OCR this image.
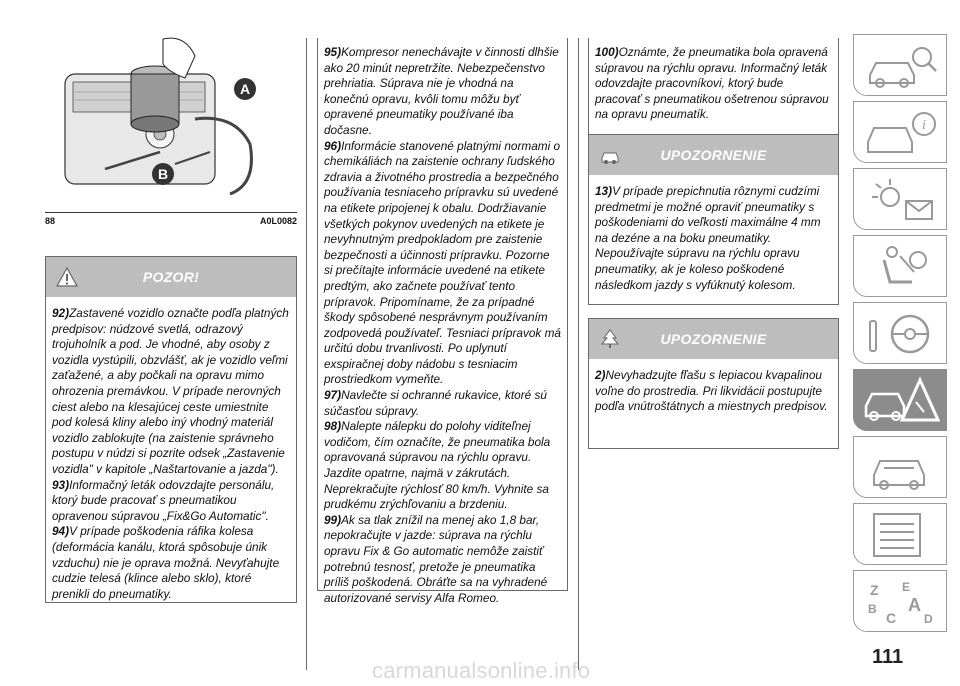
A
B
88	A0L0082
POZOR!

92)Zastavené vozidlo označte podľa platných predpisov: núdzové svetlá, odrazový trojuholník a pod. Je vhodné, aby osoby z vozidla vystúpili, obzvlášť, ak je vozidlo veľmi zaťažené, a aby počkali na opravu mimo ohrozenia premávkou. V prípade nerovných ciest alebo na klesajúcej ceste umiestnite pod kolesá kliny alebo iný vhodný materiál vozidlo zablokujte (na zaistenie správneho postupu v núdzi si pozrite odsek „Zastavenie vozidla" v kapitole „Naštartovanie a jazda").

93)Informačný leták odovzdajte personálu, ktorý bude pracovať s pneumatikou opravenou súpravou „Fix&Go Automatic".

94)V prípade poškodenia ráfika kolesa (deformácia kanálu, ktorá spôsobuje únik vzduchu) nie je oprava možná. Nevyťahujte cudzie telesá (klince alebo sklo), ktoré prenikli do pneumatiky.

95)Kompresor nenechávajte v činnosti dlhšie ako 20 minút nepretržite. Nebezpečenstvo prehriatia. Súprava nie je vhodná na konečnú opravu, kvôli tomu môžu byť opravené pneumatiky používané iba dočasne.

96)Informácie stanovené platnými normami o chemikáliách na zaistenie ochrany ľudského zdravia a životného prostredia a bezpečného používania tesniaceho prípravku sú uvedené na etikete pripojenej k obalu. Dodržiavanie všetkých pokynov uvedených na etikete je nevyhnutným predpokladom pre zaistenie bezpečnosti a účinnosti prípravku. Pozorne si prečítajte informácie uvedené na etikete predtým, ako začnete používať tento prípravok. Pripomíname, že za prípadné škody spôsobené nesprávnym používaním zodpovedá používateľ. Tesniaci prípravok má určitú dobu trvanlivosti. Po uplynutí exspiračnej doby nádobu s tesniacim prostriedkom vymeňte.

97)Navlečte si ochranné rukavice, ktoré sú súčasťou súpravy.

98)Nalepte nálepku do polohy viditeľnej vodičom, čím označíte, že pneumatika bola opravovaná súpravou na rýchlu opravu. Jazdite opatrne, najmä v zákrutách. Neprekračujte rýchlosť 80 km/h. Vyhnite sa prudkému zrýchľovaniu a brzdeniu.

99)Ak sa tlak znížil na menej ako 1,8 bar, nepokračujte v jazde: súprava na rýchlu opravu Fix & Go automatic nemôže zaistiť potrebnú tesnosť, pretože je pneumatika príliš poškodená. Obráťte sa na vyhradené autorizované servisy Alfa Romeo.

100)Oznámte, že pneumatika bola opravená súpravou na rýchlu opravu. Informačný leták odovzdajte pracovníkovi, ktorý bude pracovať s pneumatikou ošetrenou súpravou na opravu pneumatík.

UPOZORNENIE

13)V prípade prepichnutia rôznymi cudzími predmetmi je možné opraviť pneumatiky s poškodeniami do veľkosti maximálne 4 mm na dezéne a na boku pneumatiky. Nepoužívajte súpravu na rýchlu opravu pneumatiky, ak je koleso poškodené následkom jazdy s vyfúknutý kolesom.

UPOZORNENIE

2)Nevyhadzujte fľašu s lepiacou kvapalinou voľne do prostredia. Pri likvidácii postupujte podľa vnútroštátnych a miestnych predpisov.

i
Z E
B A
C D
111
carmanualsonline.info
